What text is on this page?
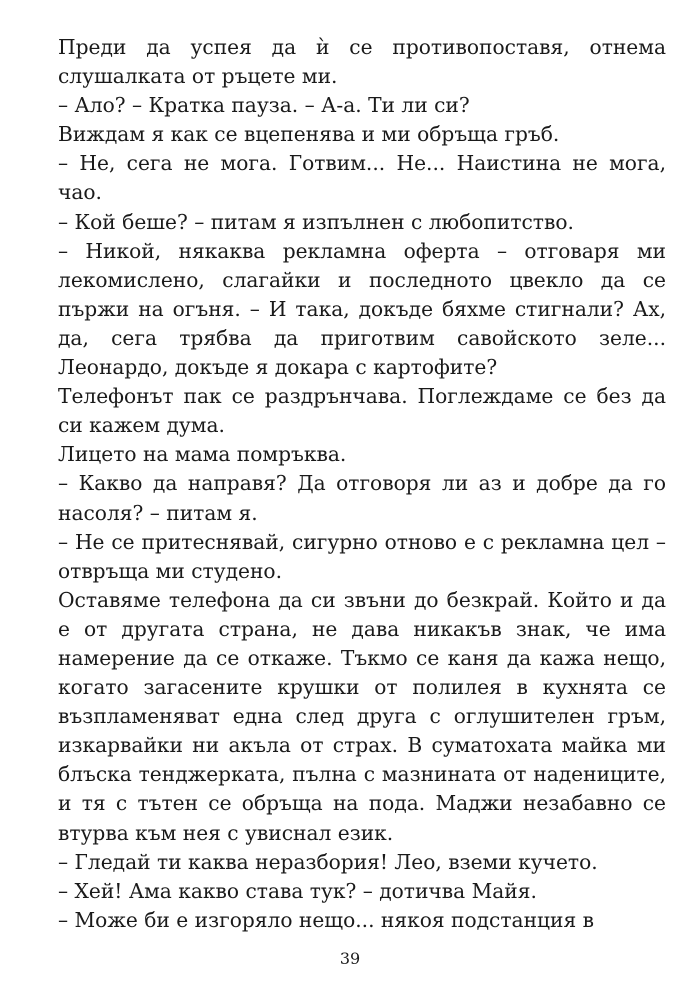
Преди да успея да ѝ се противопоставя, отнема слушалката от ръцете ми.

– Ало? – Кратка пауза. – А-а. Ти ли си?

Виждам я как се вцепенява и ми обръща гръб.

– Не, сега не мога. Готвим... Не... Наистина не мога, чао.

– Кой беше? – питам я изпълнен с любопитство.

– Никой, някаква рекламна оферта – отговаря ми лекомислено, слагайки и последното цвекло да се пържи на огъня. – И така, докъде бяхме стигнали? Ах, да, сега трябва да приготвим савойското зеле... Леонардо, докъде я докара с картофите?

Телефонът пак се раздрънчава. Поглеждаме се без да си кажем дума.

Лицето на мама помръква.

– Какво да направя? Да отговоря ли аз и добре да го насоля? – питам я.

– Не се притеснявай, сигурно отново е с рекламна цел – отвръща ми студено.

Оставяме телефона да си звъни до безкрай. Който и да е от другата страна, не дава никакъв знак, че има намерение да се откаже. Тъкмо се каня да кажа нещо, когато загасените крушки от полилея в кухнята се възпламеняват една след друга с оглушителен гръм, изкарвайки ни акъла от страх. В суматохата майка ми блъска тенджерката, пълна с мазнината от надениците, и тя с тътен се обръща на пода. Маджи незабавно се втурва към нея с увиснал език.

– Гледай ти каква неразбория! Лео, вземи кучето.

– Хей! Ама какво става тук? – дотичва Майя.

– Може би е изгоряло нещо... някоя подстанция в

39
